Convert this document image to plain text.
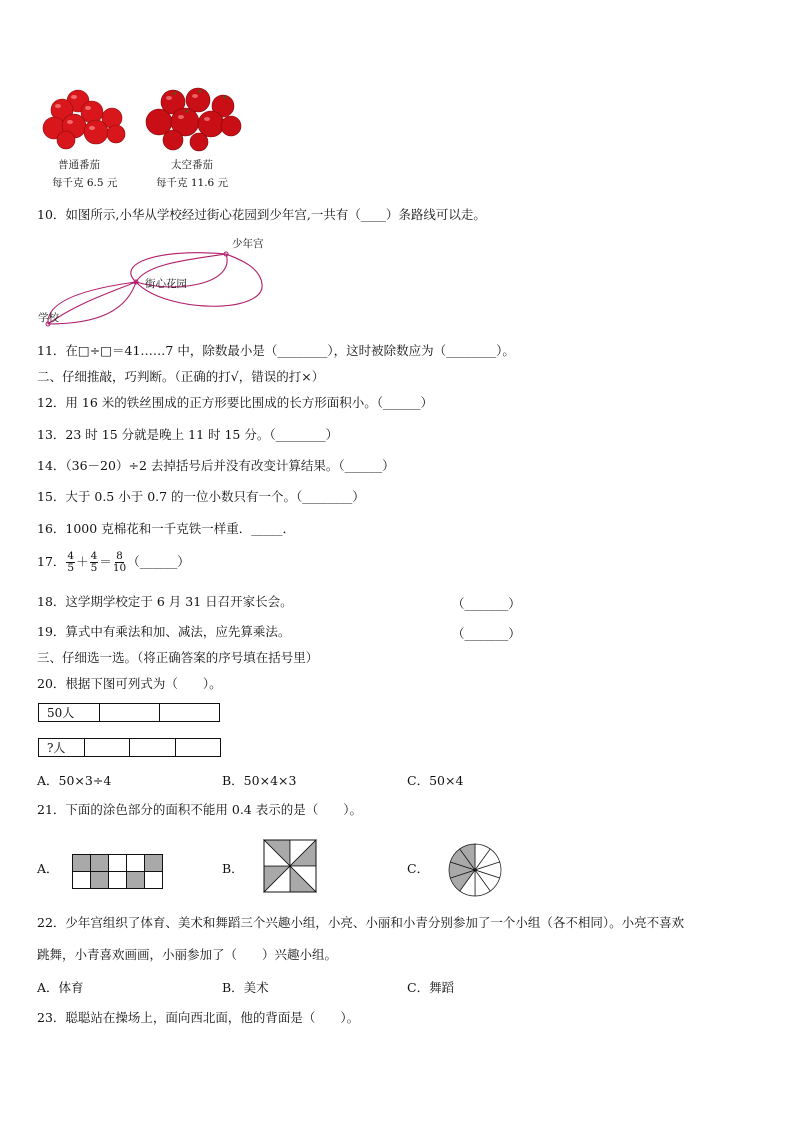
普通番茄
每千克 6.5 元
太空番茄
每千克 11.6 元
10．如图所示,小华从学校经过街心花园到少年宫,一共有（____）条路线可以走。
少年宫
街心花园
学校
11．在□÷□＝41……7 中，除数最小是（________），这时被除数应为（________）。
二、仔细推敲，巧判断。（正确的打√，错误的打×）
12．用 16 米的铁丝围成的正方形要比围成的长方形面积小。（______）
13．23 时 15 分就是晚上 11 时 15 分。（________）
14．（36－20）÷2 去掉括号后并没有改变计算结果。（______）
15．大于 0.5 小于 0.7 的一位小数只有一个。（________）
16．1000 克棉花和一千克铁一样重．_____．
17． $\frac{4}{5} + \frac{4}{5} = \frac{8}{10}$ （______）
18．这学期学校定于 6 月 31 日召开家长会。	（_______）
19．算式中有乘法和加、减法，应先算乘法。	（_______）
三、仔细选一选。（将正确答案的序号填在括号里）
20．根据下图可列式为（　　）。
50人
?人
A．50×3÷4	B．50×4×3	C．50×4
21．下面的涂色部分的面积不能用 0.4 表示的是（　　）。
A．	B．	C．
22．少年宫组织了体育、美术和舞蹈三个兴趣小组，小亮、小丽和小青分别参加了一个小组（各不相同）。小亮不喜欢
跳舞，小青喜欢画画，小丽参加了（　　）兴趣小组。
A．体育	B．美术	C．舞蹈
23．聪聪站在操场上，面向西北面，他的背面是（　　）。
